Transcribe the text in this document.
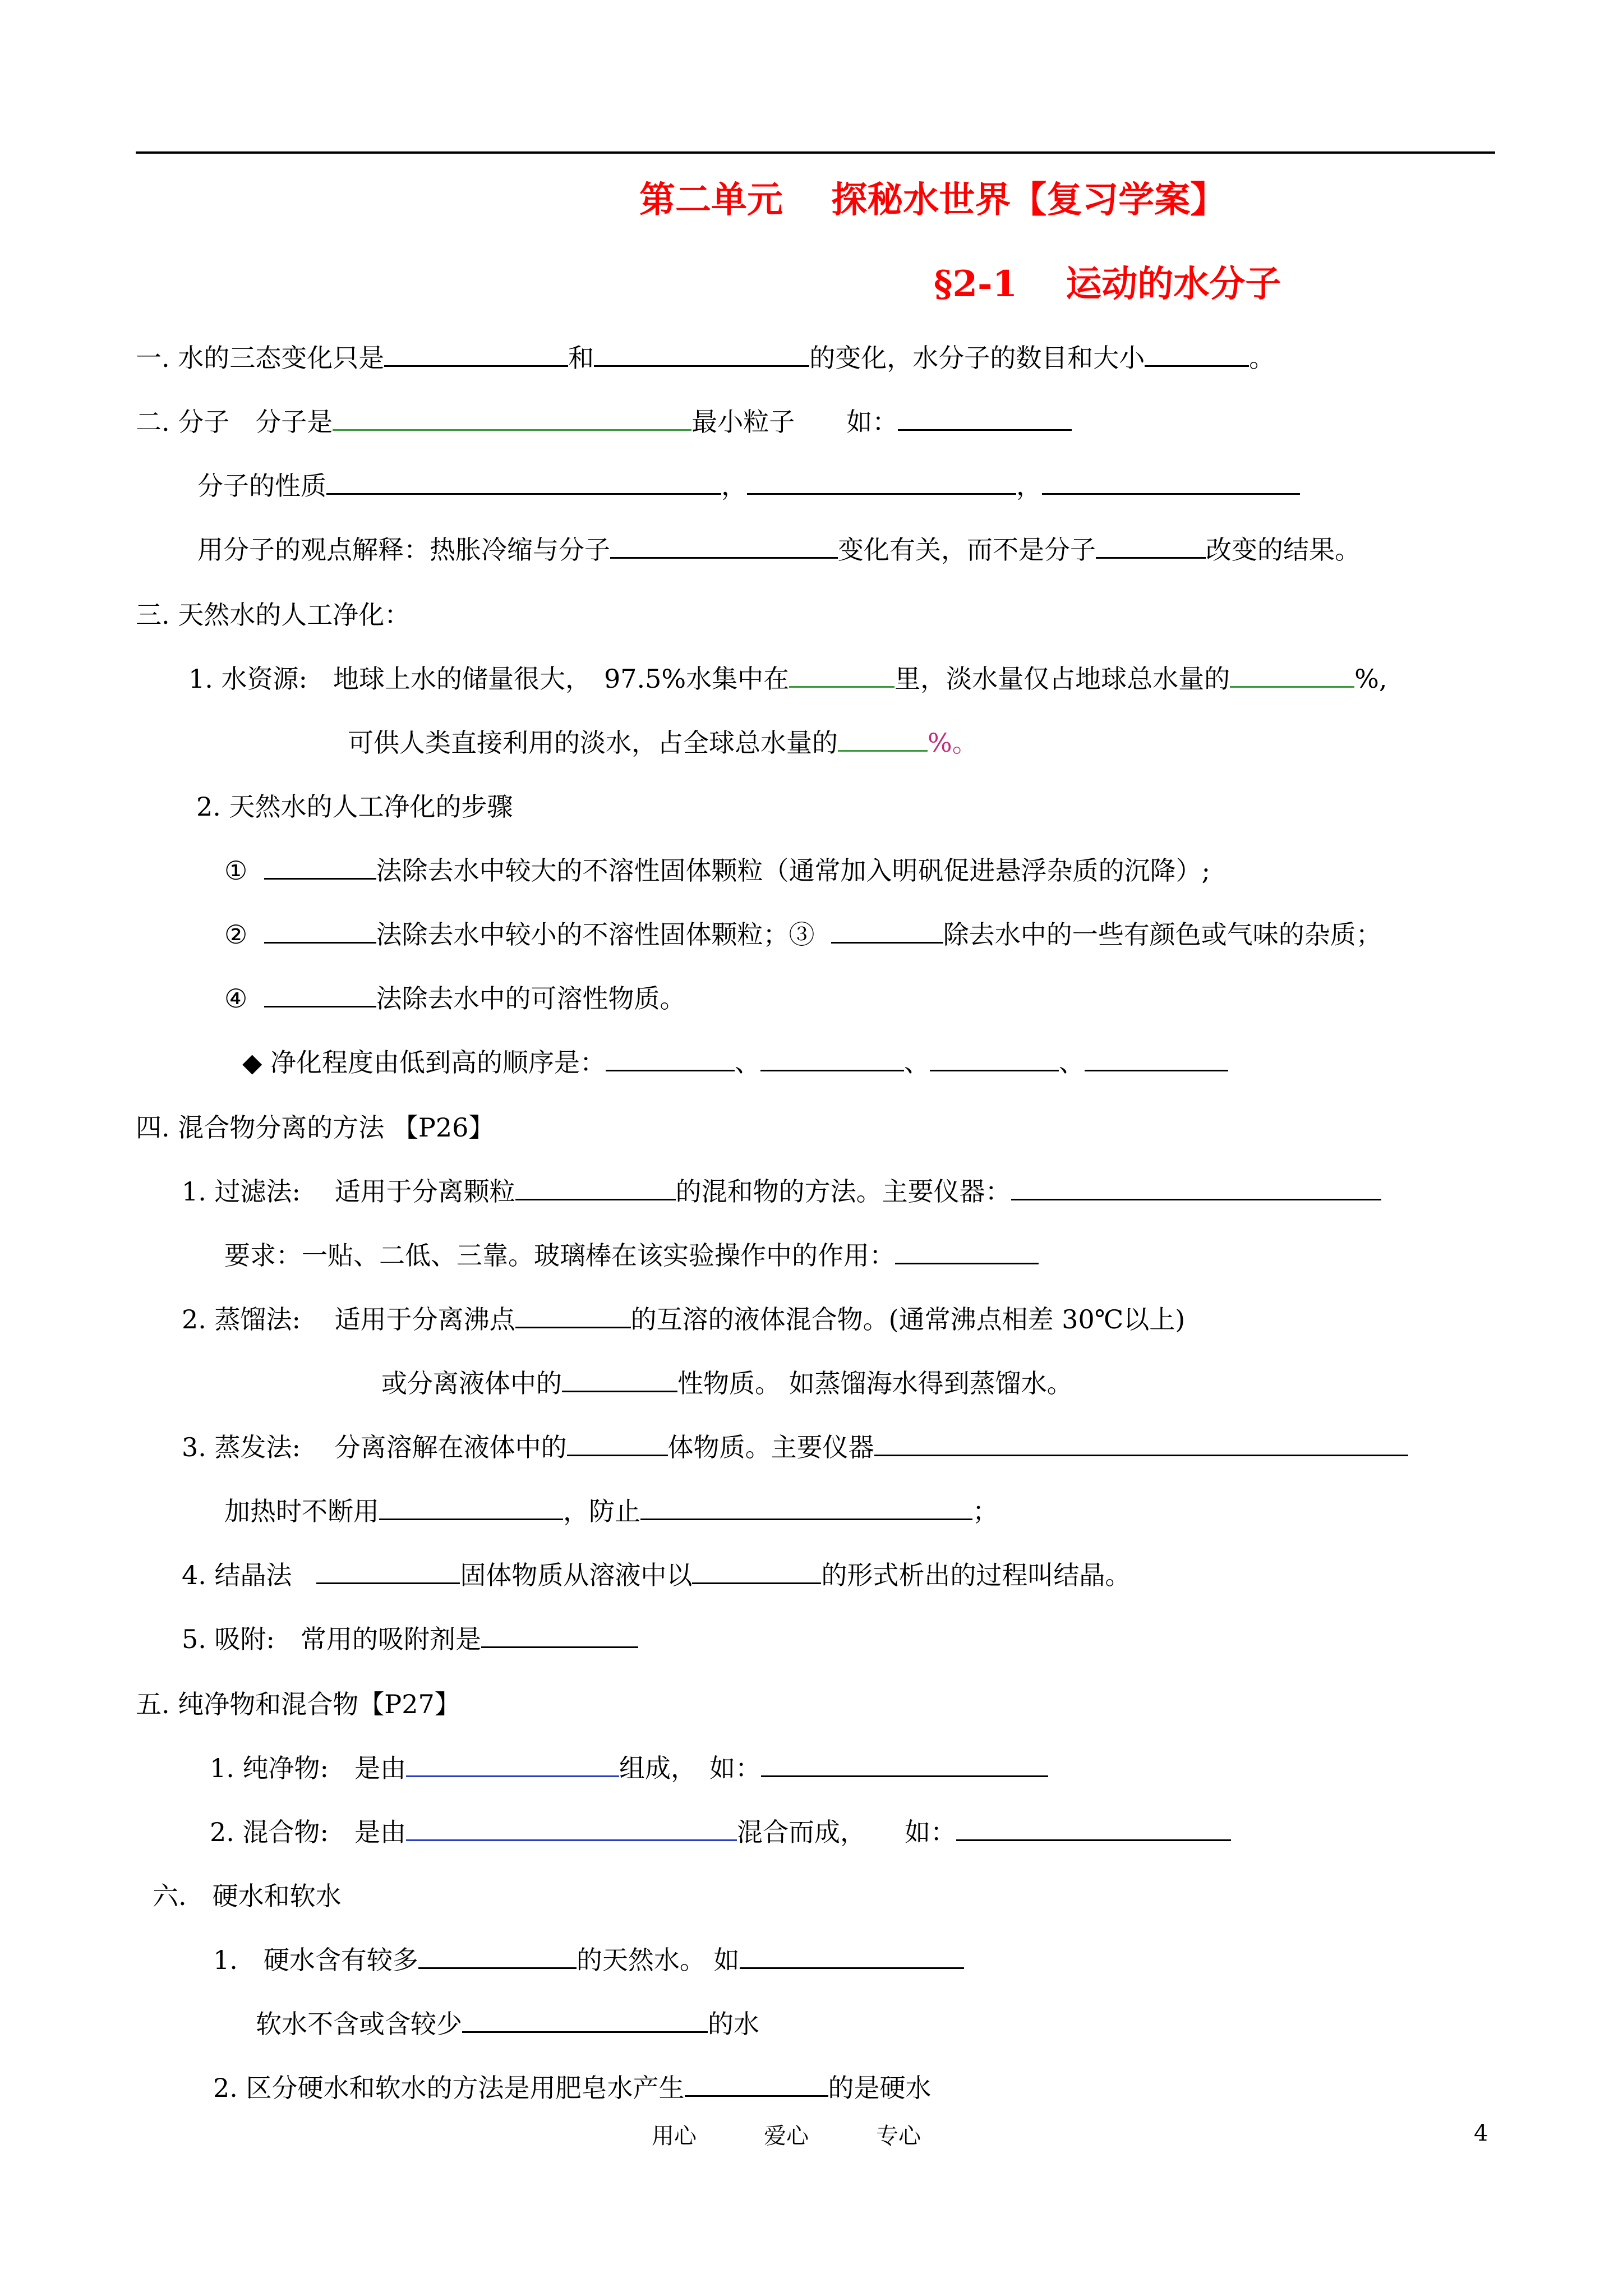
第二单元　 探秘水世界【复习学案】
§2-1　 运动的水分子
一. 水的三态变化只是	和	的变化，水分子的数目和大小	。
二. 分子　分子是	最小粒子　　如：
分子的性质	，	，
用分子的观点解释：热胀冷缩与分子	变化有关，而不是分子	改变的结果。
三. 天然水的人工净化：
1. 水资源:　地球上水的储量很大，　97.5%水集中在	里，淡水量仅占地球总水量的	%,
可供人类直接利用的淡水，占全球总水量的	%。
2. 天然水的人工净化的步骤
①	法除去水中较大的不溶性固体颗粒（通常加入明矾促进悬浮杂质的沉降）;
②	法除去水中较小的不溶性固体颗粒；③	除去水中的一些有颜色或气味的杂质；
④	法除去水中的可溶性物质。
◆ 净化程度由低到高的顺序是：	、	、	、
四. 混合物分离的方法 【P26】
1. 过滤法:　 适用于分离颗粒	的混和物的方法。主要仪器：
要求：一贴、二低、三靠。玻璃棒在该实验操作中的作用：
2. 蒸馏法:　 适用于分离沸点	的互溶的液体混合物。(通常沸点相差 30℃以上)
或分离液体中的	性物质。 如蒸馏海水得到蒸馏水。
3. 蒸发法:　 分离溶解在液体中的	体物质。主要仪器
加热时不断用	，防止	；
4. 结晶法	固体物质从溶液中以	的形式析出的过程叫结晶。
5. 吸附:　常用的吸附剂是
五. 纯净物和混合物【P27】
1. 纯净物:　是由	组成，　如：
2. 混合物:　是由	混合而成，　　如：
六.　硬水和软水
1.　硬水含有较多	的天然水。 如
软水不含或含较少	的水
2. 区分硬水和软水的方法是用肥皂水产生	的是硬水
用心	爱心	专心	4
